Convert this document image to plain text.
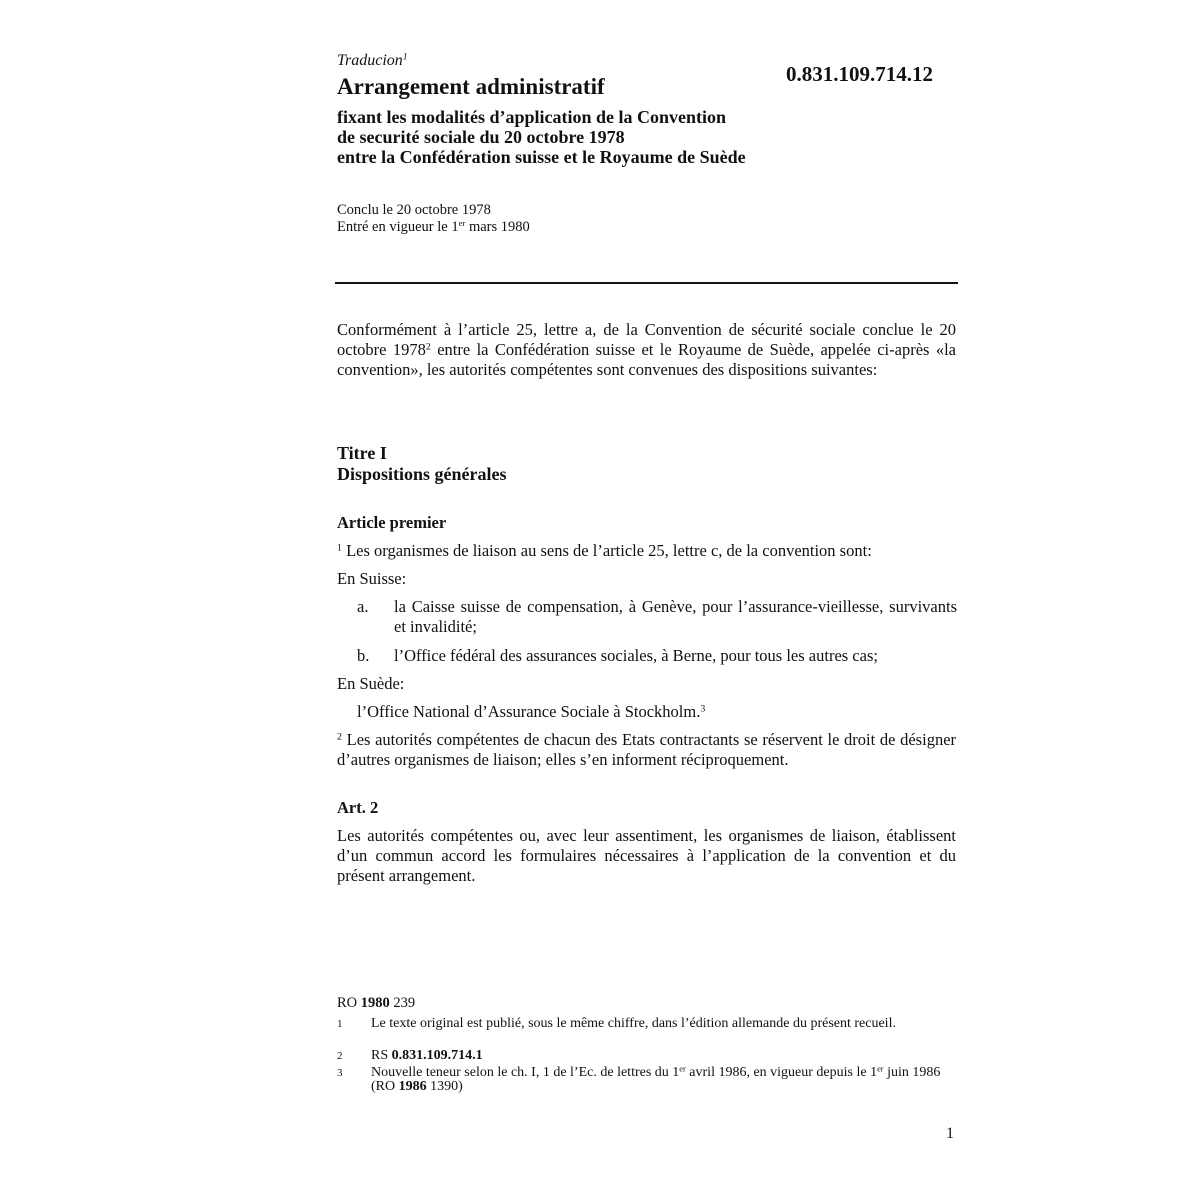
Traducion$^1$
0.831.109.714.12
Arrangement administratif
fixant les modalités d’application de la Convention
de securité sociale du 20 octobre 1978
entre la Confédération suisse et le Royaume de Suède
Conclu le 20 octobre 1978
Entré en vigueur le 1er mars 1980
Conformément à l’article 25, lettre a, de la Convention de sécurité sociale conclue le 20 octobre 1978$^2$ entre la Confédération suisse et le Royaume de Suède, appelée ci-après «la convention», les autorités compétentes sont convenues des dispositions suivantes:
Titre I
Dispositions générales
Article premier
$^1$ Les organismes de liaison au sens de l’article 25, lettre c, de la convention sont:
En Suisse:
a. la Caisse suisse de compensation, à Genève, pour l’assurance-vieillesse, survivants et invalidité;
b. l’Office fédéral des assurances sociales, à Berne, pour tous les autres cas;
En Suède:
l’Office National d’Assurance Sociale à Stockholm.$^3$
$^2$ Les autorités compétentes de chacun des Etats contractants se réservent le droit de désigner d’autres organismes de liaison; elles s’en informent réciproquement.
Art. 2
Les autorités compétentes ou, avec leur assentiment, les organismes de liaison, établissent d’un commun accord les formulaires nécessaires à l’application de la convention et du présent arrangement.
RO 1980 239
1 Le texte original est publié, sous le même chiffre, dans l’édition allemande du présent recueil.
2 RS 0.831.109.714.1
3 Nouvelle teneur selon le ch. I, 1 de l’Ec. de lettres du 1er avril 1986, en vigueur depuis le 1er juin 1986 (RO 1986 1390)
1
